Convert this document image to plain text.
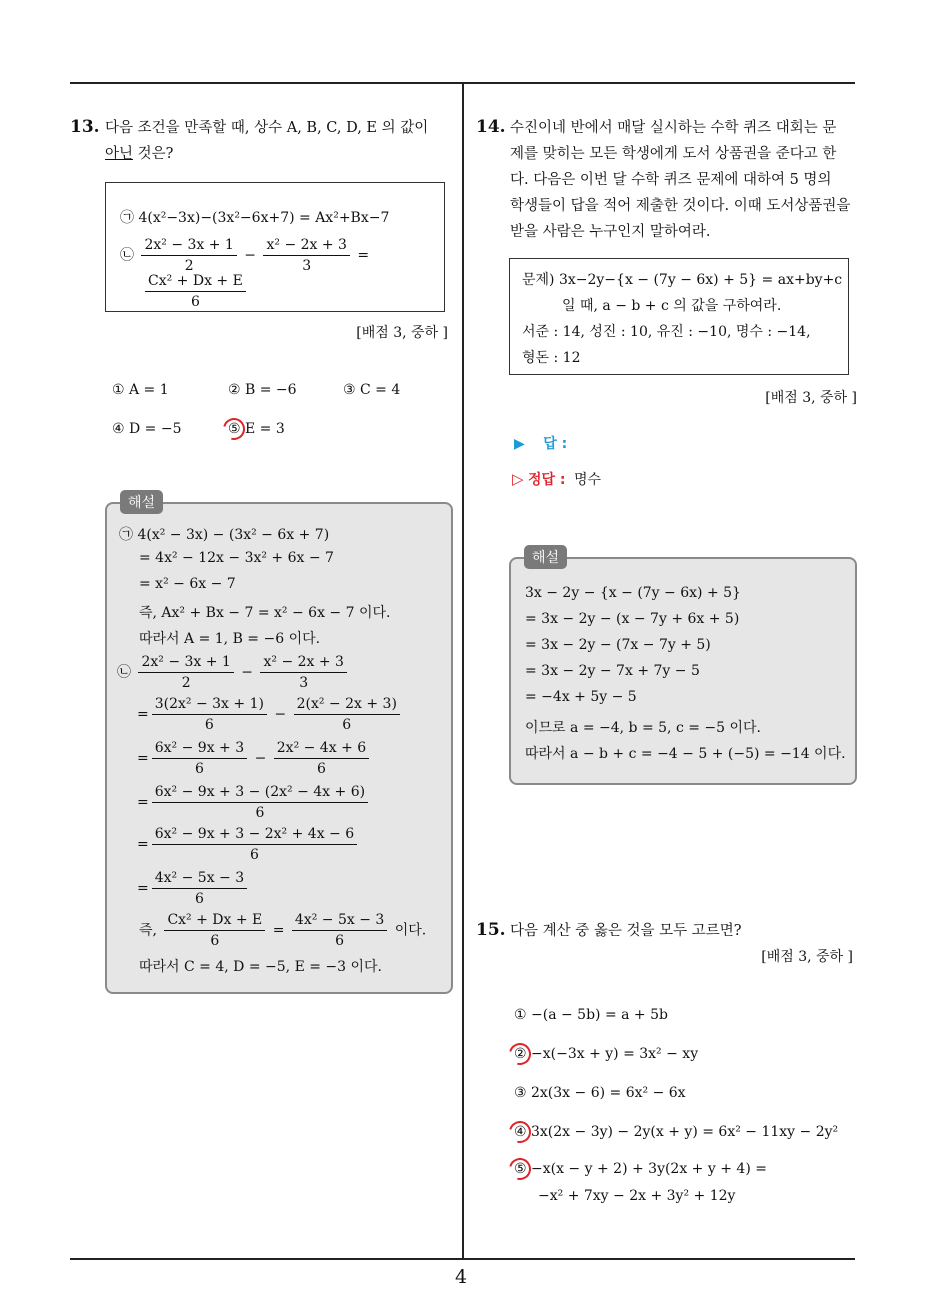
4
13. 다음 조건을 만족할 때, 상수 A, B, C, D, E 의 값이
아닌 것은?
㉠ 4(x²−3x)−(3x²−6x+7) = Ax²+Bx−7
㉡ $\frac{\text{2x² − 3x + 1}}{2} - \frac{\text{x² − 2x + 3}}{3}$ =
$\frac{\text{Cx² + Dx + E}}{6}$
[배점 3, 중하 ]
① A = 1	② B = −6	③ C = 4
④ D = −5	⑤ E = 3
㉠ 4(x² − 3x) − (3x² − 6x + 7)
= 4x² − 12x − 3x² + 6x − 7
= x² − 6x − 7
즉, Ax² + Bx − 7 = x² − 6x − 7 이다.
따라서 A = 1, B = −6 이다.
㉡ $\frac{\text{2x² − 3x + 1}}{2} - \frac{\text{x² − 2x + 3}}{3}$
= $\frac{\text{3(2x² − 3x + 1)}}{6} - \frac{\text{2(x² − 2x + 3)}}{6}$
= $\frac{\text{6x² − 9x + 3}}{6} - \frac{\text{2x² − 4x + 6}}{6}$
= $\frac{\text{6x² − 9x + 3 − (2x² − 4x + 6)}}{6}$
= $\frac{\text{6x² − 9x + 3 − 2x² + 4x − 6}}{6}$
= $\frac{\text{4x² − 5x − 3}}{6}$
즉, $\frac{\text{Cx² + Dx + E}}{6} = \frac{\text{4x² − 5x − 3}}{6}$ 이다.
따라서 C = 4, D = −5, E = −3 이다.
해설
14. 수진이네 반에서 매달 실시하는 수학 퀴즈 대회는 문
제를 맞히는 모든 학생에게 도서 상품권을 준다고 한
다. 다음은 이번 달 수학 퀴즈 문제에 대하여 5 명의
학생들이 답을 적어 제출한 것이다. 이때 도서상품권을
받을 사람은 누구인지 말하여라.
문제) 3x−2y−{x − (7y − 6x) + 5} = ax+by+c
일 때, a − b + c 의 값을 구하여라.
서준 : 14, 성진 : 10, 유진 : −10, 명수 : −14,
형돈 : 12
[배점 3, 중하 ]
▶ 답 :
▷ 정답 : 명수
3x − 2y − {x − (7y − 6x) + 5}
= 3x − 2y − (x − 7y + 6x + 5)
= 3x − 2y − (7x − 7y + 5)
= 3x − 2y − 7x + 7y − 5
= −4x + 5y − 5
이므로 a = −4, b = 5, c = −5 이다.
따라서 a − b + c = −4 − 5 + (−5) = −14 이다.
해설
15. 다음 계산 중 옳은 것을 모두 고르면?
[배점 3, 중하 ]
① −(a − 5b) = a + 5b
② −x(−3x + y) = 3x² − xy
③ 2x(3x − 6) = 6x² − 6x
④ 3x(2x − 3y) − 2y(x + y) = 6x² − 11xy − 2y²
⑤ −x(x − y + 2) + 3y(2x + y + 4) =
−x² + 7xy − 2x + 3y² + 12y
